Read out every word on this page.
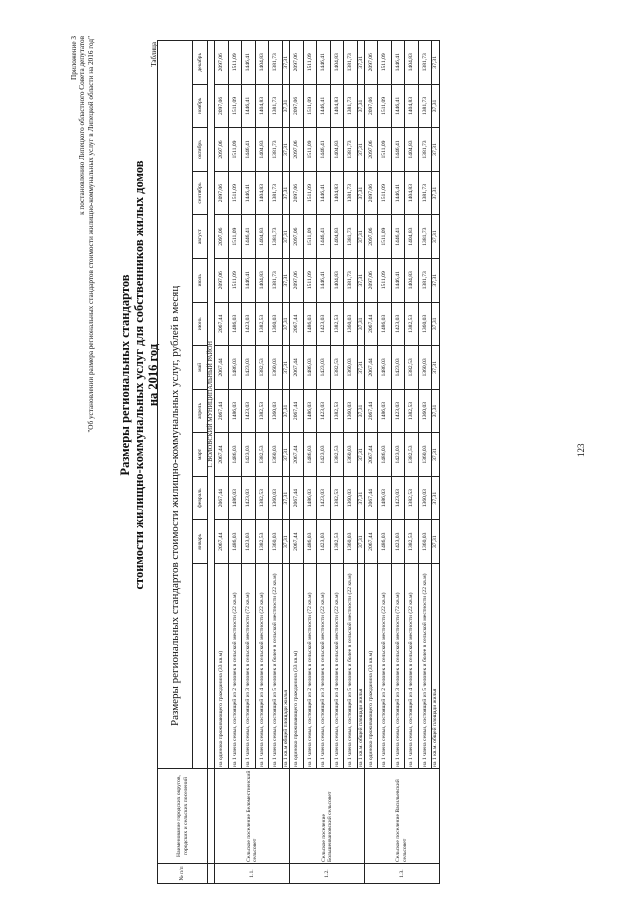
Приложение 3 к постановлению Липецкого областного Совета депутатов "Об установлении размера региональных стандартов стоимости жилищно-коммунальных услуг в Липецкой области на 2016 год" Размеры региональных стандартов стоимости жилищно-коммунальных услуг для собственников жилых домов на 2016 год
Таблица
№ п/п	Наименование городских округов, городских и сельских поселений	Размеры региональных стандартов стоимости жилищно-коммунальных услуг, рублей в месяц												
			январь	февраль	март	апрель	май	июнь	июль	август	сентябрь	октябрь	ноябрь	декабрь
		1. ВОЛОВСКИЙ МУНИЦИПАЛЬНЫЙ РАЙОН												
1.1.	Сельское поселение Беломестненский сельсовет	на одиноко проживающего гражданина (33 кв.м)	2067,44	2067,44	2067,44	2067,44	2067,44	2067,44	2097,06	2097,06	2097,06	2097,06	2097,06	2097,06
		на 1 члена семьи, состоящей из 2 человек в сельской местности (22 кв.м)	1486,03	1486,03	1486,03	1486,03	1486,03	1486,03	1511,09	1511,09	1511,09	1511,09	1511,09	1511,09
		на 1 члена семьи, состоящей из 3 человек в сельской местности (72 кв.м)	1423,03	1423,03	1423,03	1423,03	1423,03	1423,03	1446,41	1446,41	1446,41	1446,41	1446,41	1446,41
		на 1 члена семьи, состоящей из 4 человек в сельской местности (22 кв.м)	1382,53	1382,53	1382,53	1382,53	1382,53	1382,53	1404,83	1404,83	1404,83	1404,83	1404,83	1404,83
		на 1 члена семьи, состоящей из 5 человек и более в сельской местности (22 кв.м)	1360,03	1360,03	1360,03	1360,03	1360,03	1360,03	1381,73	1381,73	1381,73	1381,73	1381,73	1381,73
		на 1 кв.м общей площади жилья	37,31	37,31	37,31	37,31	37,31	37,31	37,31	37,31	37,31	37,31	37,31	37,31
1.2.	Сельское поселение Большеивановский сельсовет	на одиноко проживающего гражданина (33 кв.м)	2067,44	2067,44	2067,44	2067,44	2067,44	2067,44	2097,06	2097,06	2097,06	2097,06	2097,06	2097,06
		на 1 члена семьи, состоящей из 2 человек в сельской местности (72 кв.м)	1486,03	1486,03	1486,03	1486,03	1486,03	1486,03	1511,09	1511,09	1511,09	1511,09	1511,09	1511,09
		на 1 члена семьи, состоящей из 3 человек в сельской местности (22 кв.м)	1423,03	1423,03	1423,03	1423,03	1423,03	1423,03	1446,41	1446,41	1446,41	1446,41	1446,41	1446,41
		на 1 члена семьи, состоящей из 4 человек в сельской местности (22 кв.м)	1382,53	1382,53	1382,53	1382,53	1382,53	1382,53	1404,83	1404,83	1404,83	1404,83	1404,83	1404,83
		на 1 члена семьи, состоящей из 5 человек и более в сельской местности (22 кв.м)	1360,03	1360,03	1360,03	1360,03	1360,03	1360,03	1381,73	1381,73	1381,73	1381,73	1381,73	1381,73
		на 1 кв.м. общей площади жилья	37,31	37,31	37,31	37,31	37,31	37,31	37,31	37,31	37,31	37,31	37,31	37,31
1.3.	Сельское поселение Васильевский сельсовет	на одиноко проживающего гражданина (33 кв.м)	2067,44	2067,44	2067,44	2067,44	2067,44	2067,44	2097,06	2097,06	2097,06	2097,06	2097,06	2097,06
		на 1 члена семьи, состоящей из 2 человек в сельской местности (22 кв.м)	1486,03	1486,03	1486,03	1486,03	1486,03	1486,03	1511,09	1511,09	1511,09	1511,09	1511,09	1511,09
		на 1 члена семьи, состоящей из 3 человек в сельской местности (72 кв.м)	1423,03	1423,03	1423,03	1423,03	1423,03	1423,03	1446,41	1446,41	1446,41	1446,41	1446,41	1446,41
		на 1 члена семьи, состоящей из 4 человек в сельской местности (22 кв.м)	1382,53	1382,53	1382,53	1382,53	1382,53	1382,53	1404,83	1404,83	1404,83	1404,83	1404,83	1404,83
		на 1 члена семьи, состоящей из 5 человек и более в сельской местности (22 кв.м)	1360,03	1360,03	1360,03	1360,03	1360,03	1360,03	1381,73	1381,73	1381,73	1381,73	1381,73	1381,73
		на 1 кв.м. общей площади жилья	37,31	37,31	37,31	37,31	37,31	37,31	37,31	37,31	37,31	37,31	37,31	37,31
123
